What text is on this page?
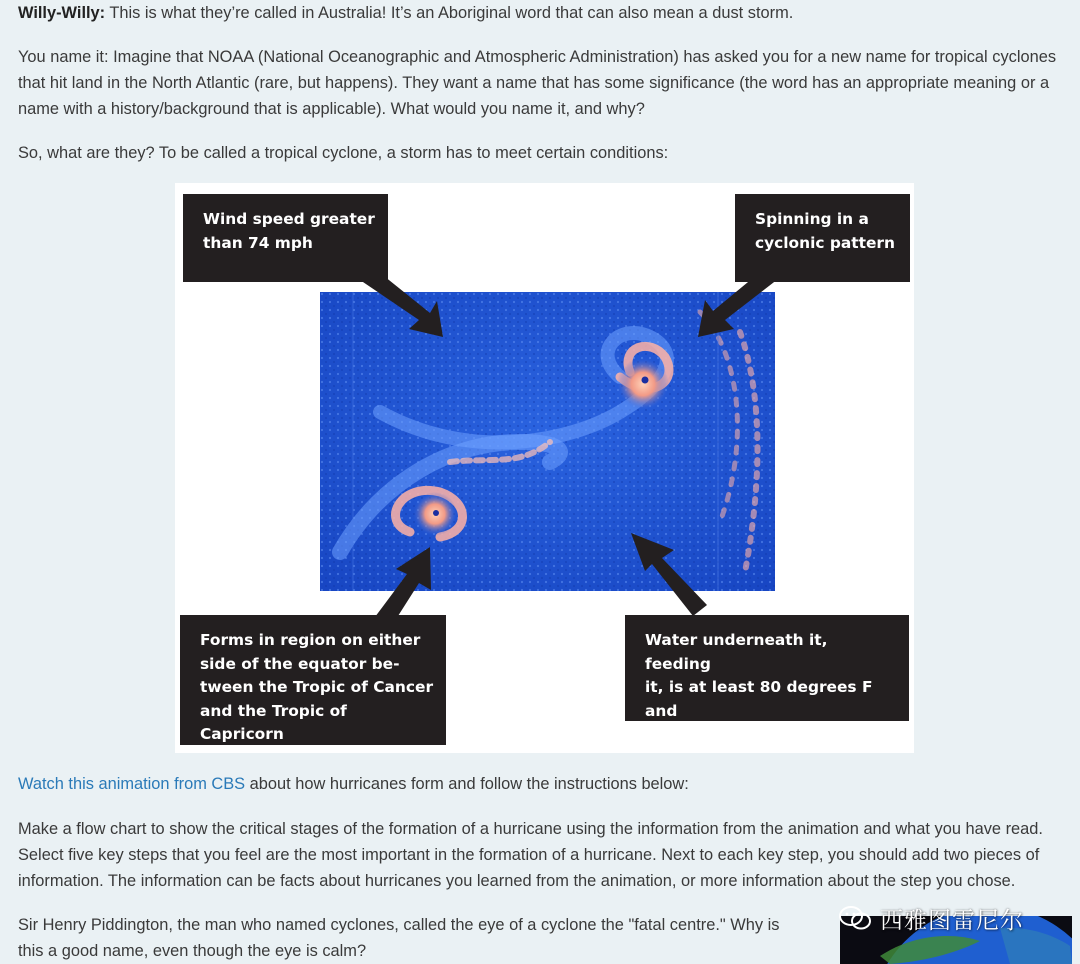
Willy-Willy: This is what they’re called in Australia! It’s an Aboriginal word that can also mean a dust storm.

You name it: Imagine that NOAA (National Oceanographic and Atmospheric Administration) has asked you for a new name for tropical cyclones that hit land in the North Atlantic (rare, but happens). They want a name that has some significance (the word has an appropriate meaning or a name with a history/background that is applicable). What would you name it, and why?

So, what are they? To be called a tropical cyclone, a storm has to meet certain conditions:

Wind speed greater
than 74 mph
Spinning in a
cyclonic pattern
Forms in region on either
side of the equator be-
tween the Tropic of Cancer
and the Tropic of Capricorn
Water underneath it, feeding
it, is at least 80 degrees F and
200 feet deep

Watch this animation from CBS about how hurricanes form and follow the instructions below:

Make a flow chart to show the critical stages of the formation of a hurricane using the information from the animation and what you have read. Select five key steps that you feel are the most important in the formation of a hurricane. Next to each key step, you should add two pieces of information. The information can be facts about hurricanes you learned from the animation, or more information about the step you chose.

Sir Henry Piddington, the man who named cyclones, called the eye of a cyclone the "fatal centre." Why is this a good name, even though the eye is calm?

西雅图雷尼尔
